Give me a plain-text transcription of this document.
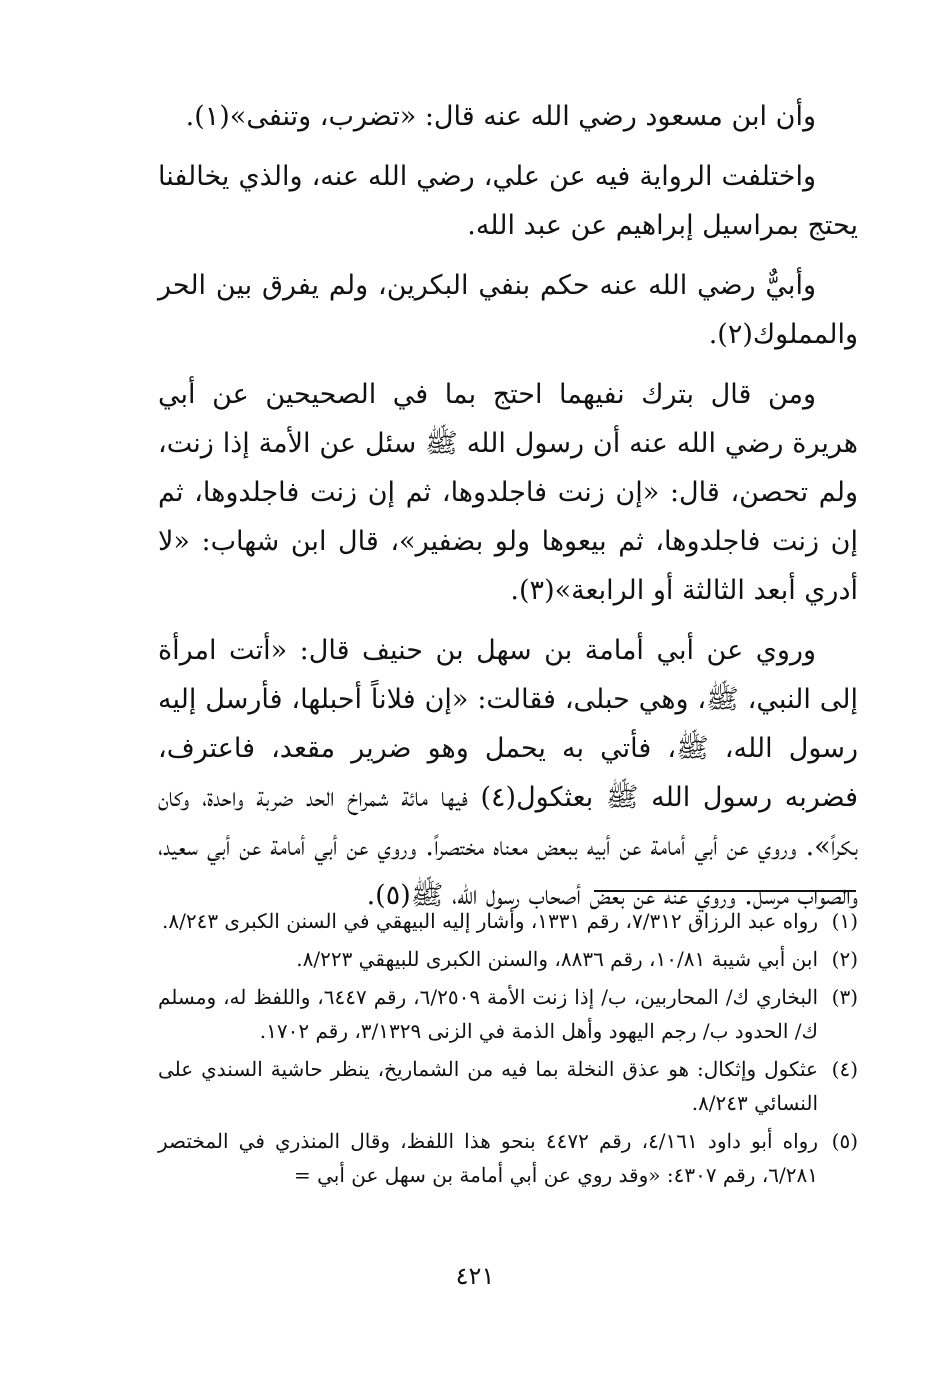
وأن ابن مسعود رضي الله عنه قال: «تضرب، وتنفى»(١).

واختلفت الرواية فيه عن علي، رضي الله عنه، والذي يخالفنا يحتج بمراسيل إبراهيم عن عبد الله.

وأبيٌّ رضي الله عنه حكم بنفي البكرين، ولم يفرق بين الحر والمملوك(٢).

ومن قال بترك نفيهما احتج بما في الصحيحين عن أبي هريرة رضي الله عنه أن رسول الله ﷺ سئل عن الأمة إذا زنت، ولم تحصن، قال: «إن زنت فاجلدوها، ثم إن زنت فاجلدوها، ثم إن زنت فاجلدوها، ثم بيعوها ولو بضفير»، قال ابن شهاب: «لا أدري أبعد الثالثة أو الرابعة»(٣).

وروي عن أبي أمامة بن سهل بن حنيف قال: «أتت امرأة إلى النبي، ﷺ، وهي حبلى، فقالت: «إن فلاناً أحبلها، فأرسل إليه رسول الله، ﷺ، فأتي به يحمل وهو ضرير مقعد، فاعترف، فضربه رسول الله ﷺ بعثكول(٤) فيها مائة شمراخ الحد ضربة واحدة، وكان بكراً». وروي عن أبي أمامة عن أبيه ببعض معناه مختصراً. وروي عن أبي أمامة عن أبي سعيد، والصواب مرسل. وروي عنه عن بعض أصحاب رسول الله، ﷺ(٥).

(١)
رواه عبد الرزاق ٧/٣١٢، رقم ١٣٣١، وأشار إليه البيهقي في السنن الكبرى ٨/٢٤٣.
(٢)
ابن أبي شيبة ١٠/٨١، رقم ٨٨٣٦، والسنن الكبرى للبيهقي ٨/٢٢٣.
(٣)
البخاري ك/ المحاربين، ب/ إذا زنت الأمة ٦/٢٥٠٩، رقم ٦٤٤٧، واللفظ له، ومسلم ك/ الحدود ب/ رجم اليهود وأهل الذمة في الزنى ٣/١٣٢٩، رقم ١٧٠٢.
(٤)
عثكول وإثكال: هو عذق النخلة بما فيه من الشماريخ، ينظر حاشية السندي على النسائي ٨/٢٤٣.
(٥)
رواه أبو داود ٤/١٦١، رقم ٤٤٧٢ بنحو هذا اللفظ، وقال المنذري في المختصر ٦/٢٨١، رقم ٤٣٠٧: «وقد روي عن أبي أمامة بن سهل عن أبي =
٤٢١
